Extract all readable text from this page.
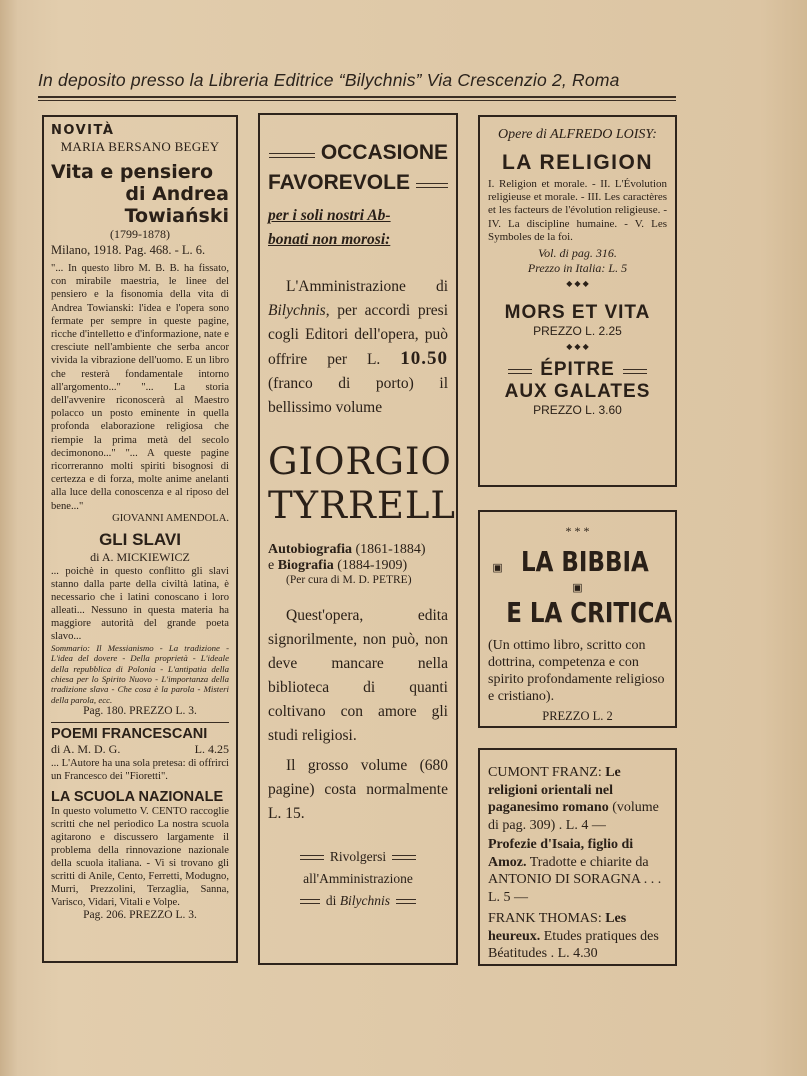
In deposito presso la Libreria Editrice “Bilychnis” Via Crescenzio 2, Roma
NOVITÀ
MARIA BERSANO BEGEY
Vita e pensiero
di Andrea Towiański
(1799-1878)
Milano, 1918. Pag. 468. - L. 6.
"... In questo libro M. B. B. ha fissato, con mirabile maestria, le linee del pensiero e la fisonomia della vita di Andrea Towianski: l'idea e l'opera sono fermate per sempre in queste pagine, ricche d'intelletto e d'informazione, nate e cresciute nell'ambiente che serba ancor vivida la vibrazione dell'uomo. E un libro che resterà fondamentale intorno all'argomento..." "... La storia dell'avvenire riconoscerà al Maestro polacco un posto eminente in quella profonda elaborazione religiosa che riempie la prima metà del secolo decimonono..." "... A queste pagine ricorreranno molti spiriti bisognosi di certezza e di forza, molte anime anelanti alla luce della conoscenza e al riposo del bene..."
GIOVANNI AMENDOLA.
GLI SLAVI
di A. MICKIEWICZ
... poichè in questo conflitto gli slavi stanno dalla parte della civiltà latina, è necessario che i latini conoscano i loro alleati... Nessuno in questa materia ha maggiore autorità del grande poeta slavo...
Sommario: Il Messianismo - La tradizione - L'idea del dovere - Della proprietà - L'ideale della repubblica di Polonia - L'antipatia della chiesa per lo Spirito Nuovo - L'importanza della tradizione slava - Che cosa è la parola - Misteri della parola, ecc.
Pag. 180. PREZZO L. 3.
POEMI FRANCESCANI
di A. M. D. G.	L. 4.25
... L'Autore ha una sola pretesa: di offrirci un Francesco dei "Fioretti".
LA SCUOLA NAZIONALE
In questo volumetto V. CENTO raccoglie scritti che nel periodico La nostra scuola agitarono e discussero largamente il problema della rinnovazione nazionale della scuola italiana. - Vi si trovano gli scritti di Anile, Cento, Ferretti, Modugno, Murri, Prezzolini, Terzaglia, Sanna, Varisco, Vidari, Vitali e Volpe.
Pag. 206. PREZZO L. 3.
OCCASIONE
FAVOREVOLE
per i soli nostri Ab-
bonati non morosi:
L'Amministrazione di Bilychnis, per accordi presi cogli Editori dell'opera, può offrire per L. 10.50 (franco di porto) il bellissimo volume
GIORGIO
TYRRELL
Autobiografia (1861-1884)
e Biografia (1884-1909)
(Per cura di M. D. PETRE)
Quest'opera, edita signorilmente, non può, non deve mancare nella biblioteca di quanti coltivano con amore gli studi religiosi.
Il grosso volume (680 pagine) costa normalmente L. 15.
Rivolgersi
all'Amministrazione
di Bilychnis
Opere di ALFREDO LOISY:
LA RELIGION
I. Religion et morale. - II. L'Évolution religieuse et morale. - III. Les caractères et les facteurs de l'évolution religieuse. - IV. La discipline humaine. - V. Les Symboles de la foi.
Vol. di pag. 316.
Prezzo in Italia: L. 5
◆ ◆ ◆
MORS ET VITA
PREZZO L. 2.25
◆ ◆ ◆
ÉPITRE
AUX GALATES
PREZZO L. 3.60
* * *
▣ LA BIBBIA ▣
E LA CRITICA
(Un ottimo libro, scritto con dottrina, competenza e con spirito profondamente religioso e cristiano).
PREZZO L. 2
CUMONT FRANZ: Le religioni orientali nel paganesimo romano (volume di pag. 309) . L. 4 —
Profezie d'Isaia, figlio di Amoz. Tradotte e chiarite da ANTONIO DI SORAGNA . . . L. 5 —
FRANK THOMAS: Les heureux. Etudes pratiques des Béatitudes . L. 4.30
